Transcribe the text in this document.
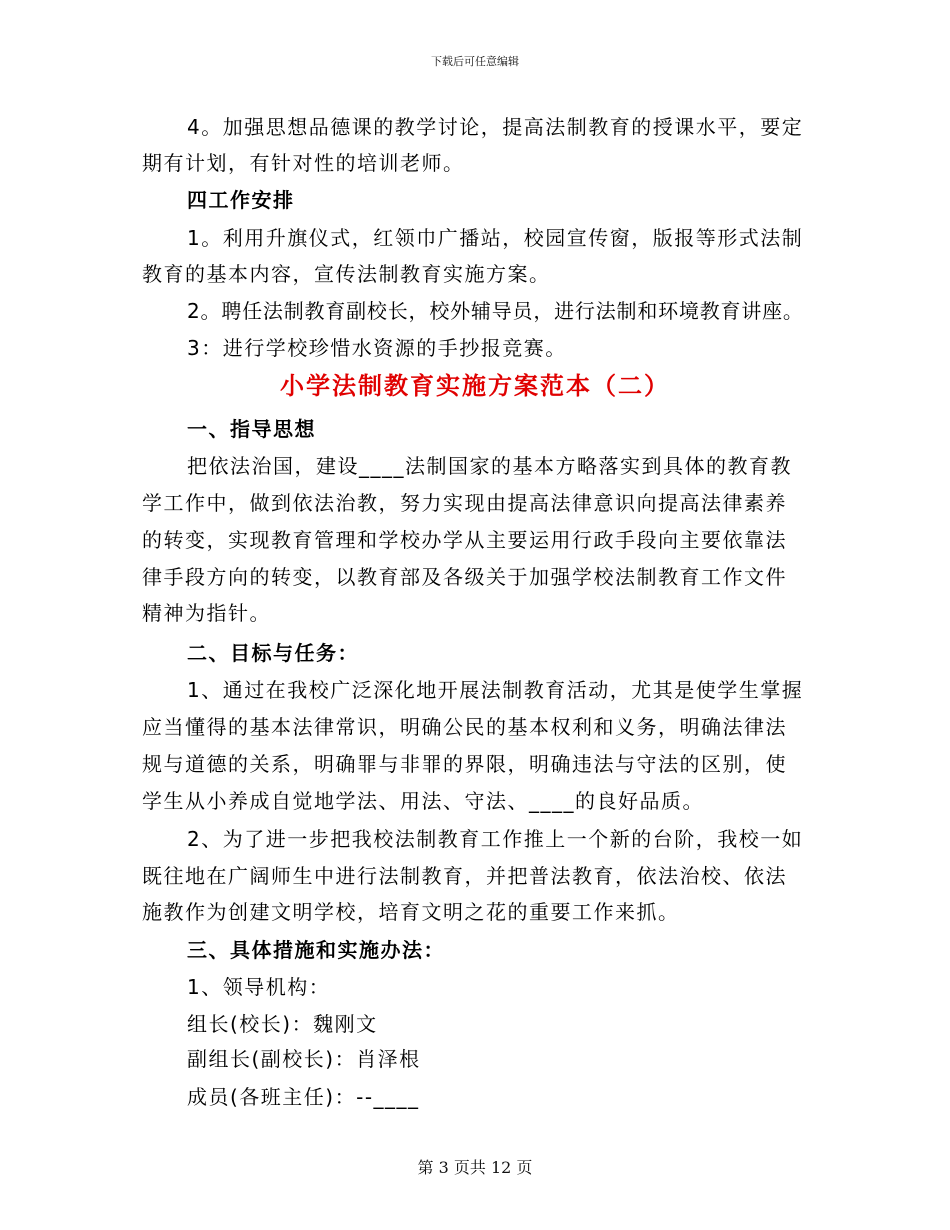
下载后可任意编辑
4。加强思想品德课的教学讨论，提高法制教育的授课水平，要定
期有计划，有针对性的培训老师。
四工作安排
1。利用升旗仪式，红领巾广播站，校园宣传窗，版报等形式法制
教育的基本内容，宣传法制教育实施方案。
2。聘任法制教育副校长，校外辅导员，进行法制和环境教育讲座。
3：进行学校珍惜水资源的手抄报竞赛。
小学法制教育实施方案范本（二）
一、指导思想
把依法治国，建设____法制国家的基本方略落实到具体的教育教
学工作中，做到依法治教，努力实现由提高法律意识向提高法律素养
的转变，实现教育管理和学校办学从主要运用行政手段向主要依靠法
律手段方向的转变，以教育部及各级关于加强学校法制教育工作文件
精神为指针。
二、目标与任务：
1、通过在我校广泛深化地开展法制教育活动，尤其是使学生掌握
应当懂得的基本法律常识，明确公民的基本权利和义务，明确法律法
规与道德的关系，明确罪与非罪的界限，明确违法与守法的区别，使
学生从小养成自觉地学法、用法、守法、____的良好品质。
2、为了进一步把我校法制教育工作推上一个新的台阶，我校一如
既往地在广阔师生中进行法制教育，并把普法教育，依法治校、依法
施教作为创建文明学校，培育文明之花的重要工作来抓。
三、具体措施和实施办法：
1、领导机构：
组长(校长)：魏刚文
副组长(副校长)：肖泽根
成员(各班主任)：--____
第 3 页共 12 页
